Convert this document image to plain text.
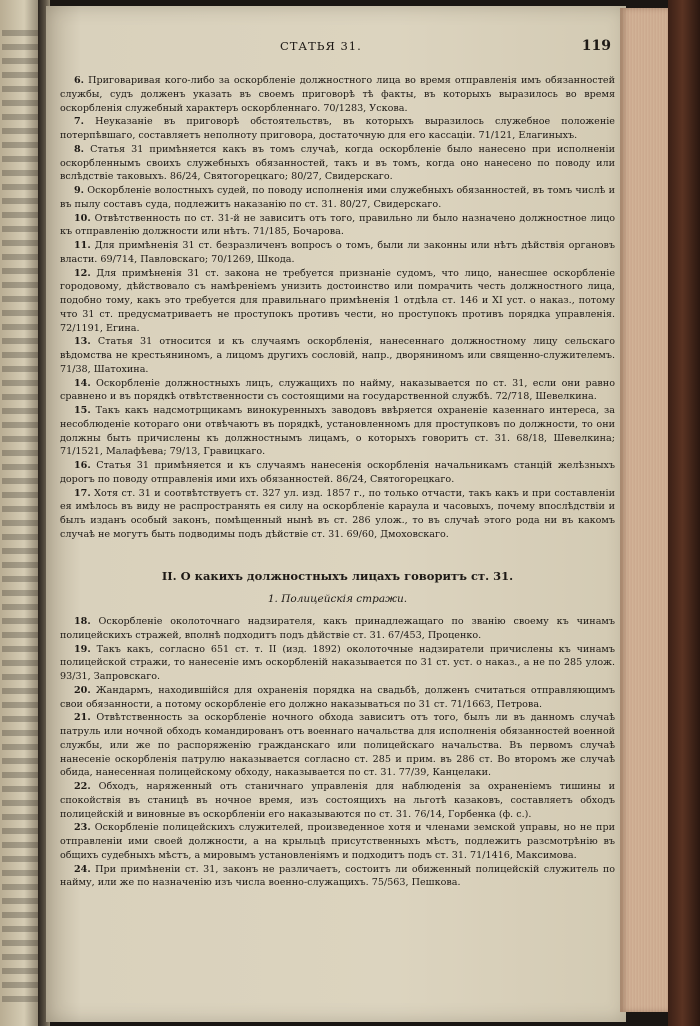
СТАТЬЯ 31.	119

6. Приговаривая кого-либо за оскорбленіе должностного лица во время отправленія имъ обязанностей службы, судъ долженъ указать въ своемъ приговорѣ тѣ факты, въ которыхъ выразилось во время оскорбленія служебный характеръ оскорбленнаго. 70/1283, Ускова.

7. Неуказаніе въ приговорѣ обстоятельствъ, въ которыхъ выразилось служебное положеніе потерпѣвшаго, составляетъ неполноту приговора, достаточную для его кассаціи. 71/121, Елагиныхъ.

8. Статья 31 примѣняется какъ въ томъ случаѣ, когда оскорбленіе было нанесено при исполненіи оскорбленнымъ своихъ служебныхъ обязанностей, такъ и въ томъ, когда оно нанесено по поводу или вслѣдствіе таковыхъ. 86/24, Святогорецкаго; 80/27, Свидерскаго.

9. Оскорбленіе волостныхъ судей, по поводу исполненія ими служебныхъ обязанностей, въ томъ числѣ и въ пылу составъ суда, подлежитъ наказанію по ст. 31. 80/27, Свидерскаго.

10. Отвѣтственность по ст. 31-й не зависитъ отъ того, правильно ли было назначено должностное лицо къ отправленію должности или нѣтъ. 71/185, Бочарова.

11. Для примѣненія 31 ст. безразличенъ вопросъ о томъ, были ли законны или нѣтъ дѣйствія органовъ власти. 69/714, Павловскаго; 70/1269, Шкода.

12. Для примѣненія 31 ст. закона не требуется признаніе судомъ, что лицо, нанесшее оскорбленіе городовому, дѣйствовало съ намѣреніемъ унизить достоинство или помрачить честь должностного лица, подобно тому, какъ это требуется для правильнаго примѣненія 1 отдѣла ст. 146 и XI уст. о наказ., потому что 31 ст. предусматриваетъ не проступокъ противъ чести, но проступокъ противъ порядка управленія. 72/1191, Егина.

13. Статья 31 относится и къ случаямъ оскорбленія, нанесеннаго должностному лицу сельскаго вѣдомства не крестьяниномъ, а лицомъ другихъ сословій, напр., дворяниномъ или священно-служителемъ. 71/38, Шатохина.

14. Оскорбленіе должностныхъ лицъ, служащихъ по найму, наказывается по ст. 31, если они равно сравнено и въ порядкѣ отвѣтственности съ состоящими на государственной службѣ. 72/718, Шевелкина.

15. Такъ какъ надсмотрщикамъ винокуренныхъ заводовъ ввѣряется охраненіе казеннаго интереса, за несоблюденіе котораго они отвѣчаютъ въ порядкѣ, установленномъ для проступковъ по должности, то они должны быть причислены къ должностнымъ лицамъ, о которыхъ говоритъ ст. 31. 68/18, Шевелкина; 71/1521, Малафѣева; 79/13, Гравицкаго.

16. Статья 31 примѣняется и къ случаямъ нанесенія оскорбленія начальникамъ станцій желѣзныхъ дорогъ по поводу отправленія ими ихъ обязанностей. 86/24, Святогорецкаго.

17. Хотя ст. 31 и соотвѣтствуетъ ст. 327 ул. изд. 1857 г., по только отчасти, такъ какъ и при составленіи ея имѣлось въ виду не распространять ея силу на оскорбленіе караула и часовыхъ, почему впослѣдствіи и былъ изданъ особый законъ, помѣщенный нынѣ въ ст. 286 улож., то въ случаѣ этого рода ни въ какомъ случаѣ не могутъ быть подводимы подъ дѣйствіе ст. 31. 69/60, Дмоховскаго.

II. О какихъ должностныхъ лицахъ говоритъ ст. 31.
1. Полицейскія стражи.

18. Оскорбленіе околоточнаго надзирателя, какъ принадлежащаго по званію своему къ чинамъ полицейскихъ стражей, вполнѣ подходитъ подъ дѣйствіе ст. 31. 67/453, Проценко.

19. Такъ какъ, согласно 651 ст. т. II (изд. 1892) околоточные надзиратели причислены къ чинамъ полицейской стражи, то нанесеніе имъ оскорбленій наказывается по 31 ст. уст. о наказ., а не по 285 улож. 93/31, Запровскаго.

20. Жандармъ, находившійся для охраненія порядка на свадьбѣ, долженъ считаться отправляющимъ свои обязанности, а потому оскорбленіе его должно наказываться по 31 ст. 71/1663, Петрова.

21. Отвѣтственность за оскорбленіе ночного обхода зависитъ отъ того, былъ ли въ данномъ случаѣ патруль или ночной обходъ командированъ отъ военнаго начальства для исполненія обязанностей военной службы, или же по распоряженію гражданскаго или полицейскаго начальства. Въ первомъ случаѣ нанесеніе оскорбленія патрулю наказывается согласно ст. 285 и прим. въ 286 ст. Во второмъ же случаѣ обида, нанесенная полицейскому обходу, наказывается по ст. 31. 77/39, Канцелаки.

22. Обходъ, наряженный отъ станичнаго управленія для наблюденія за охраненіемъ тишины и спокойствія въ станицѣ въ ночное время, изъ состоящихъ на льготѣ казаковъ, составляетъ обходъ полицейскій и виновные въ оскорбленіи его наказываются по ст. 31. 76/14, Горбенка (ф. с.).

23. Оскорбленіе полицейскихъ служителей, произведенное хотя и членами земской управы, но не при отправленіи ими своей должности, а на крыльцѣ присутственныхъ мѣстъ, подлежитъ разсмотрѣнію въ общихъ судебныхъ мѣстъ, а мировымъ установленіямъ и подходитъ подъ ст. 31. 71/1416, Максимова.

24. При примѣненіи ст. 31, законъ не различаетъ, состоитъ ли обиженный полицейскій служитель по найму, или же по назначенію изъ числа военно-служащихъ. 75/563, Пешкова.
